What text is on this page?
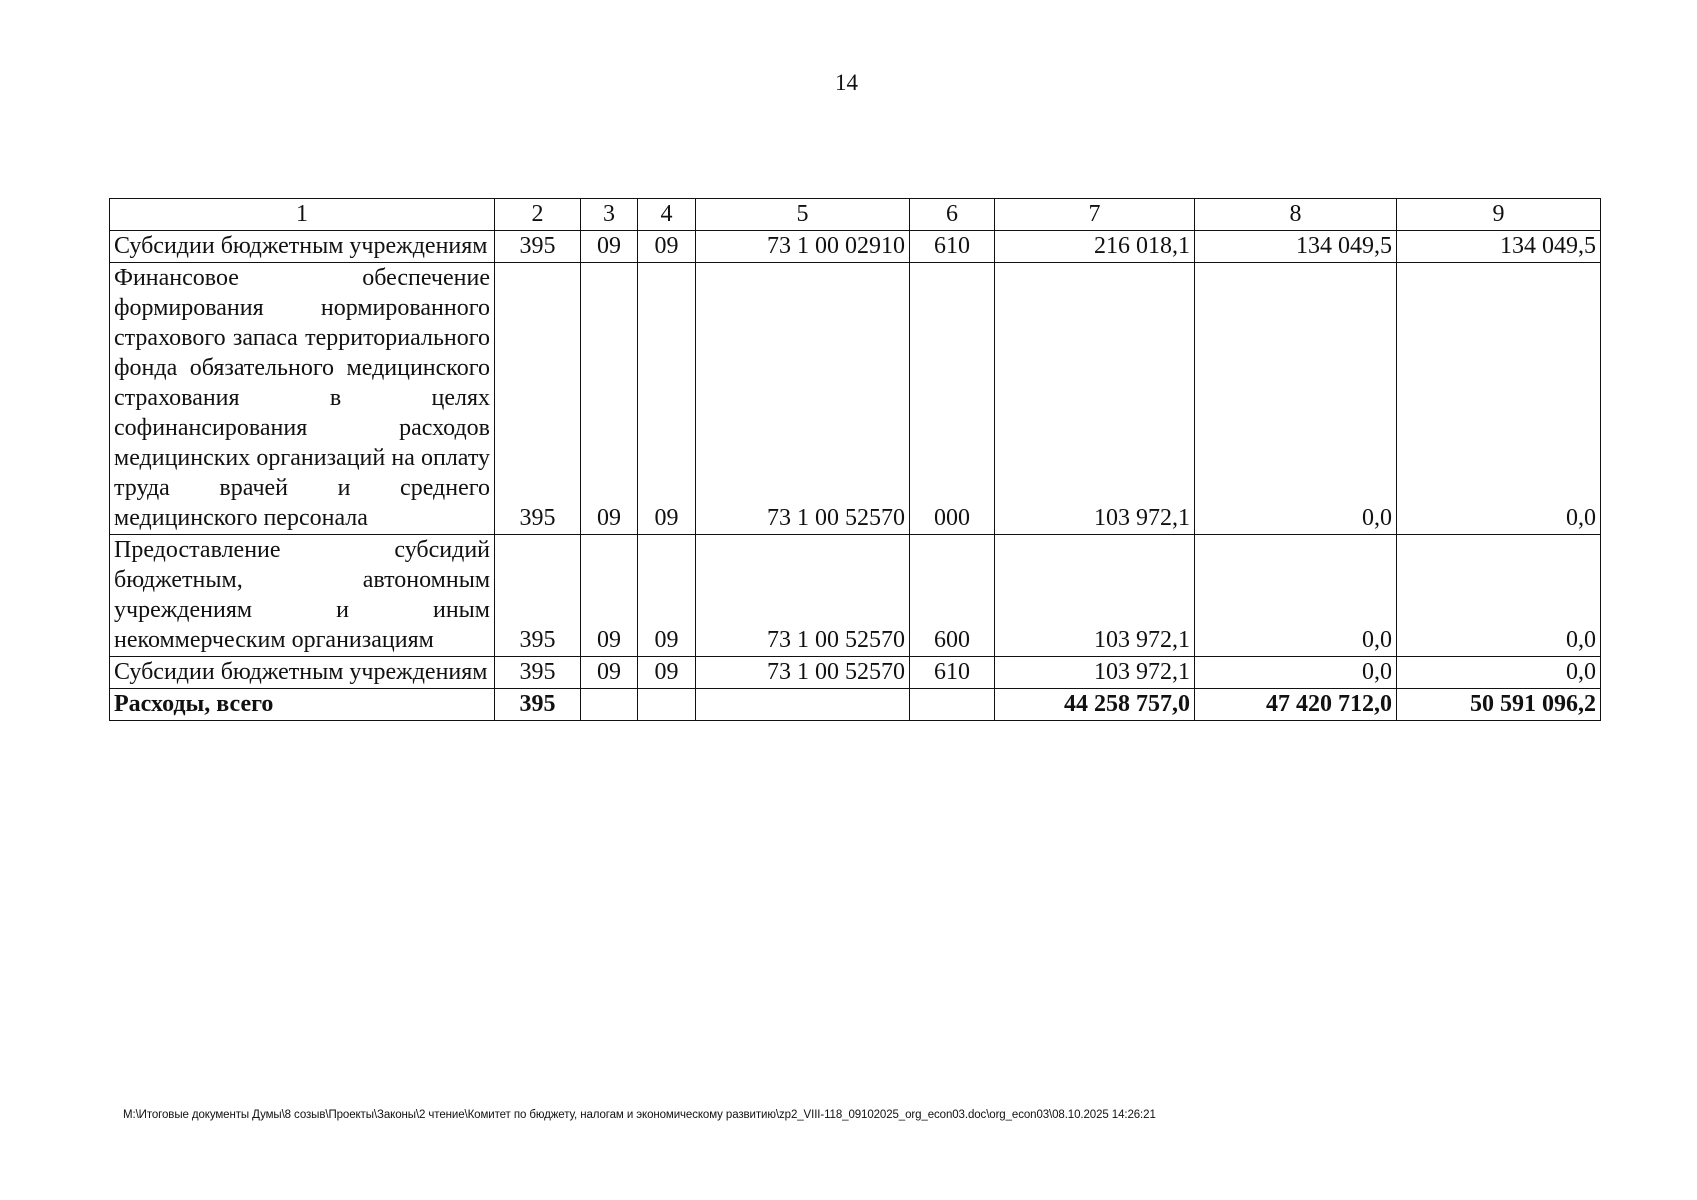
14
1	2	3	4	5	6	7	8	9
Субсидии бюджетным учреждениям	395	09	09	73 1 00 02910	610	216 018,1	134 049,5	134 049,5
Финансовое обеспечение формирования нормированного страхового запаса территориального фонда обязательного медицинского страхования в целях софинансирования расходов медицинских организаций на оплату труда врачей и среднего медицинского персонала	395	09	09	73 1 00 52570	000	103 972,1	0,0	0,0
Предоставление субсидий бюджетным, автономным учреждениям и иным некоммерческим организациям	395	09	09	73 1 00 52570	600	103 972,1	0,0	0,0
Субсидии бюджетным учреждениям	395	09	09	73 1 00 52570	610	103 972,1	0,0	0,0
Расходы, всего	395					44 258 757,0	47 420 712,0	50 591 096,2
M:\Итоговые документы Думы\8 созыв\Проекты\Законы\2 чтение\Комитет по бюджету, налогам и экономическому развитию\zp2_VIII-118_09102025_org_econ03.doc\org_econ03\08.10.2025 14:26:21
